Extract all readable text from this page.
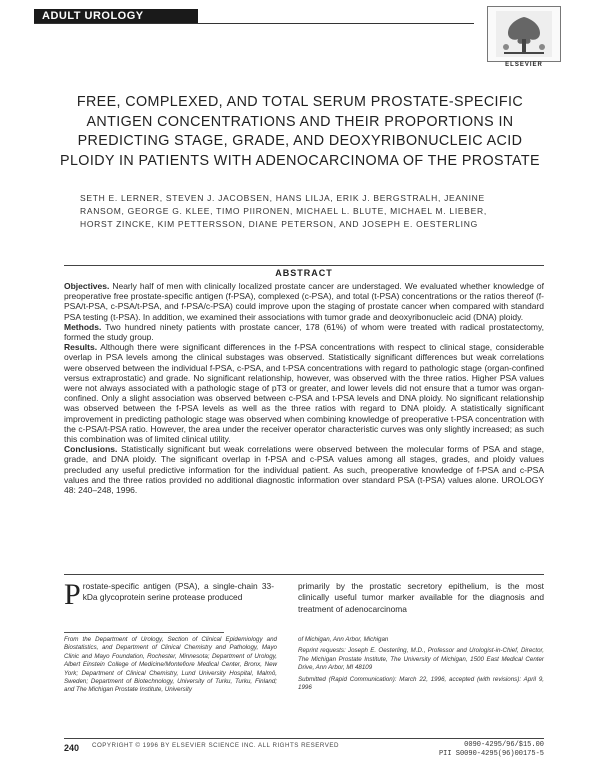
ADULT UROLOGY
ELSEVIER
FREE, COMPLEXED, AND TOTAL SERUM PROSTATE-SPECIFIC ANTIGEN CONCENTRATIONS AND THEIR PROPORTIONS IN PREDICTING STAGE, GRADE, AND DEOXYRIBONUCLEIC ACID PLOIDY IN PATIENTS WITH ADENOCARCINOMA OF THE PROSTATE
SETH E. LERNER, STEVEN J. JACOBSEN, HANS LILJA, ERIK J. BERGSTRALH, JEANINE RANSOM, GEORGE G. KLEE, TIMO PIIRONEN, MICHAEL L. BLUTE, MICHAEL M. LIEBER, HORST ZINCKE, KIM PETTERSSON, DIANE PETERSON, AND JOSEPH E. OESTERLING
ABSTRACT

Objectives. Nearly half of men with clinically localized prostate cancer are understaged. We evaluated whether knowledge of preoperative free prostate-specific antigen (f-PSA), complexed (c-PSA), and total (t-PSA) concentrations or the ratios thereof (f-PSA/t-PSA, c-PSA/t-PSA, and f-PSA/c-PSA) could improve upon the staging of prostate cancer when compared with standard PSA testing (t-PSA). In addition, we examined their associations with tumor grade and deoxyribonucleic acid (DNA) ploidy.

Methods. Two hundred ninety patients with prostate cancer, 178 (61%) of whom were treated with radical prostatectomy, formed the study group.

Results. Although there were significant differences in the f-PSA concentrations with respect to clinical stage, considerable overlap in PSA levels among the clinical substages was observed. Statistically significant differences but weak correlations were observed between the individual f-PSA, c-PSA, and t-PSA concentrations with regard to pathologic stage (organ-confined versus extraprostatic) and grade. No significant relationship, however, was observed with the three ratios. Higher PSA values were not always associated with a pathologic stage of pT3 or greater, and lower levels did not ensure that a tumor was organ-confined. Only a slight association was observed between c-PSA and t-PSA levels and DNA ploidy. No significant relationship was observed between the f-PSA levels as well as the three ratios with regard to DNA ploidy. A statistically significant improvement in predicting pathologic stage was observed when combining knowledge of preoperative t-PSA concentration with the c-PSA/t-PSA ratio. However, the area under the receiver operator characteristic curves was only slightly increased; as such this combination was of limited clinical utility.

Conclusions. Statistically significant but weak correlations were observed between the molecular forms of PSA and stage, grade, and DNA ploidy. The significant overlap in f-PSA and c-PSA values among all stages, grades, and ploidy values precluded any useful predictive information for the individual patient. As such, preoperative knowledge of f-PSA and c-PSA values and the three ratios provided no additional diagnostic information over standard PSA (t-PSA) values alone. UROLOGY 48: 240–248, 1996.

Prostate-specific antigen (PSA), a single-chain 33-kDa glycoprotein serine protease produced
primarily by the prostatic secretory epithelium, is the most clinically useful tumor marker available for the diagnosis and treatment of adenocarcinoma
From the Department of Urology, Section of Clinical Epidemiology and Biostatistics, and Department of Clinical Chemistry and Pathology, Mayo Clinic and Mayo Foundation, Rochester, Minnesota; Department of Urology, Albert Einstein College of Medicine/Montefiore Medical Center, Bronx, New York; Department of Clinical Chemistry, Lund University Hospital, Malmö, Sweden; Department of Biotechnology, University of Turku, Turku, Finland; and The Michigan Prostate Institute, University

of Michigan, Ann Arbor, Michigan

Reprint requests: Joseph E. Oesterling, M.D., Professor and Urologist-in-Chief, Director, The Michigan Prostate Institute, The University of Michigan, 1500 East Medical Center Drive, Ann Arbor, MI 48109

Submitted (Rapid Communication): March 22, 1996, accepted (with revisions): April 9, 1996

240 COPYRIGHT © 1996 BY ELSEVIER SCIENCE INC. ALL RIGHTS RESERVED	0090-4295/96/$15.00
PII S0090-4295(96)00175-5
